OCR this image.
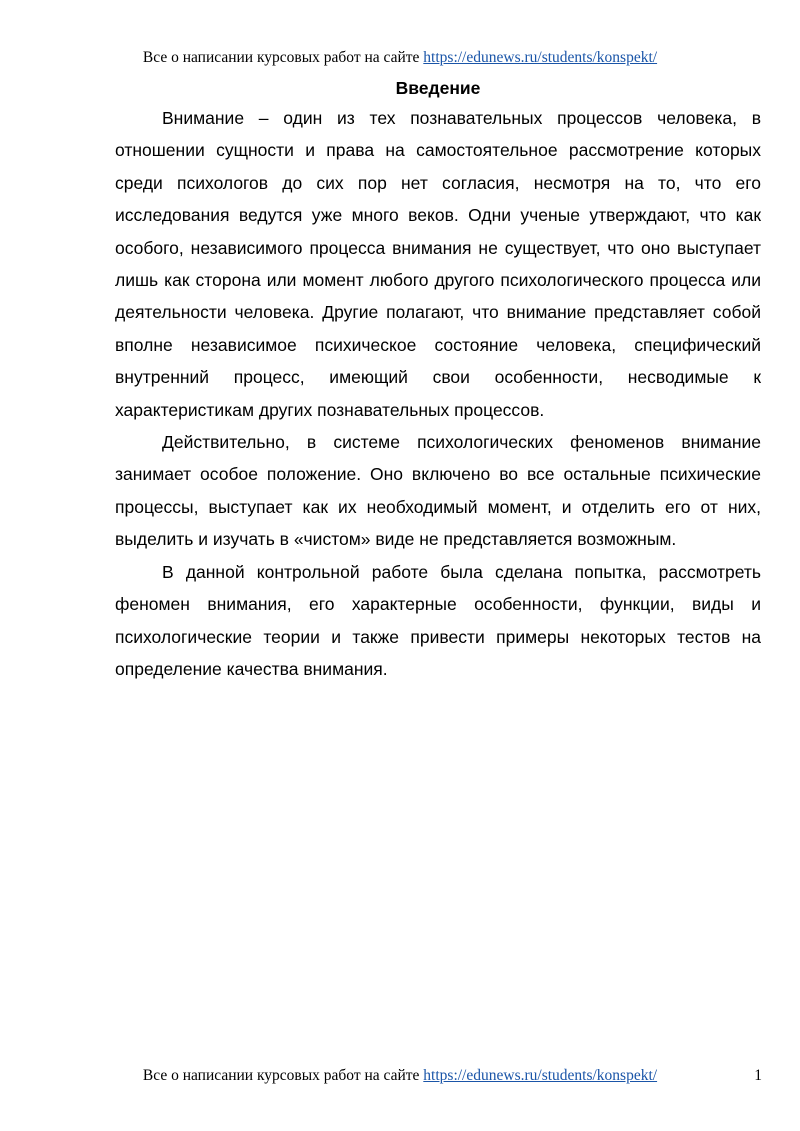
Все о написании курсовых работ на сайте https://edunews.ru/students/konspekt/
Введение

Внимание – один из тех познавательных процессов человека, в отношении сущности и права на самостоятельное рассмотрение которых среди психологов до сих пор нет согласия, несмотря на то, что его исследования ведутся уже много веков. Одни ученые утверждают, что как особого, независимого процесса внимания не существует, что оно выступает лишь как сторона или момент любого другого психологического процесса или деятельности человека. Другие полагают, что внимание представляет собой вполне независимое психическое состояние человека, специфический внутренний процесс, имеющий свои особенности, несводимые к характеристикам других познавательных процессов.

Действительно, в системе психологических феноменов внимание занимает особое положение. Оно включено во все остальные психические процессы, выступает как их необходимый момент, и отделить его от них, выделить и изучать в «чистом» виде не представляется возможным.

В данной контрольной работе была сделана попытка, рассмотреть феномен внимания, его характерные особенности, функции, виды и психологические теории и также привести примеры некоторых тестов на определение качества внимания.

Все о написании курсовых работ на сайте https://edunews.ru/students/konspekt/	1
